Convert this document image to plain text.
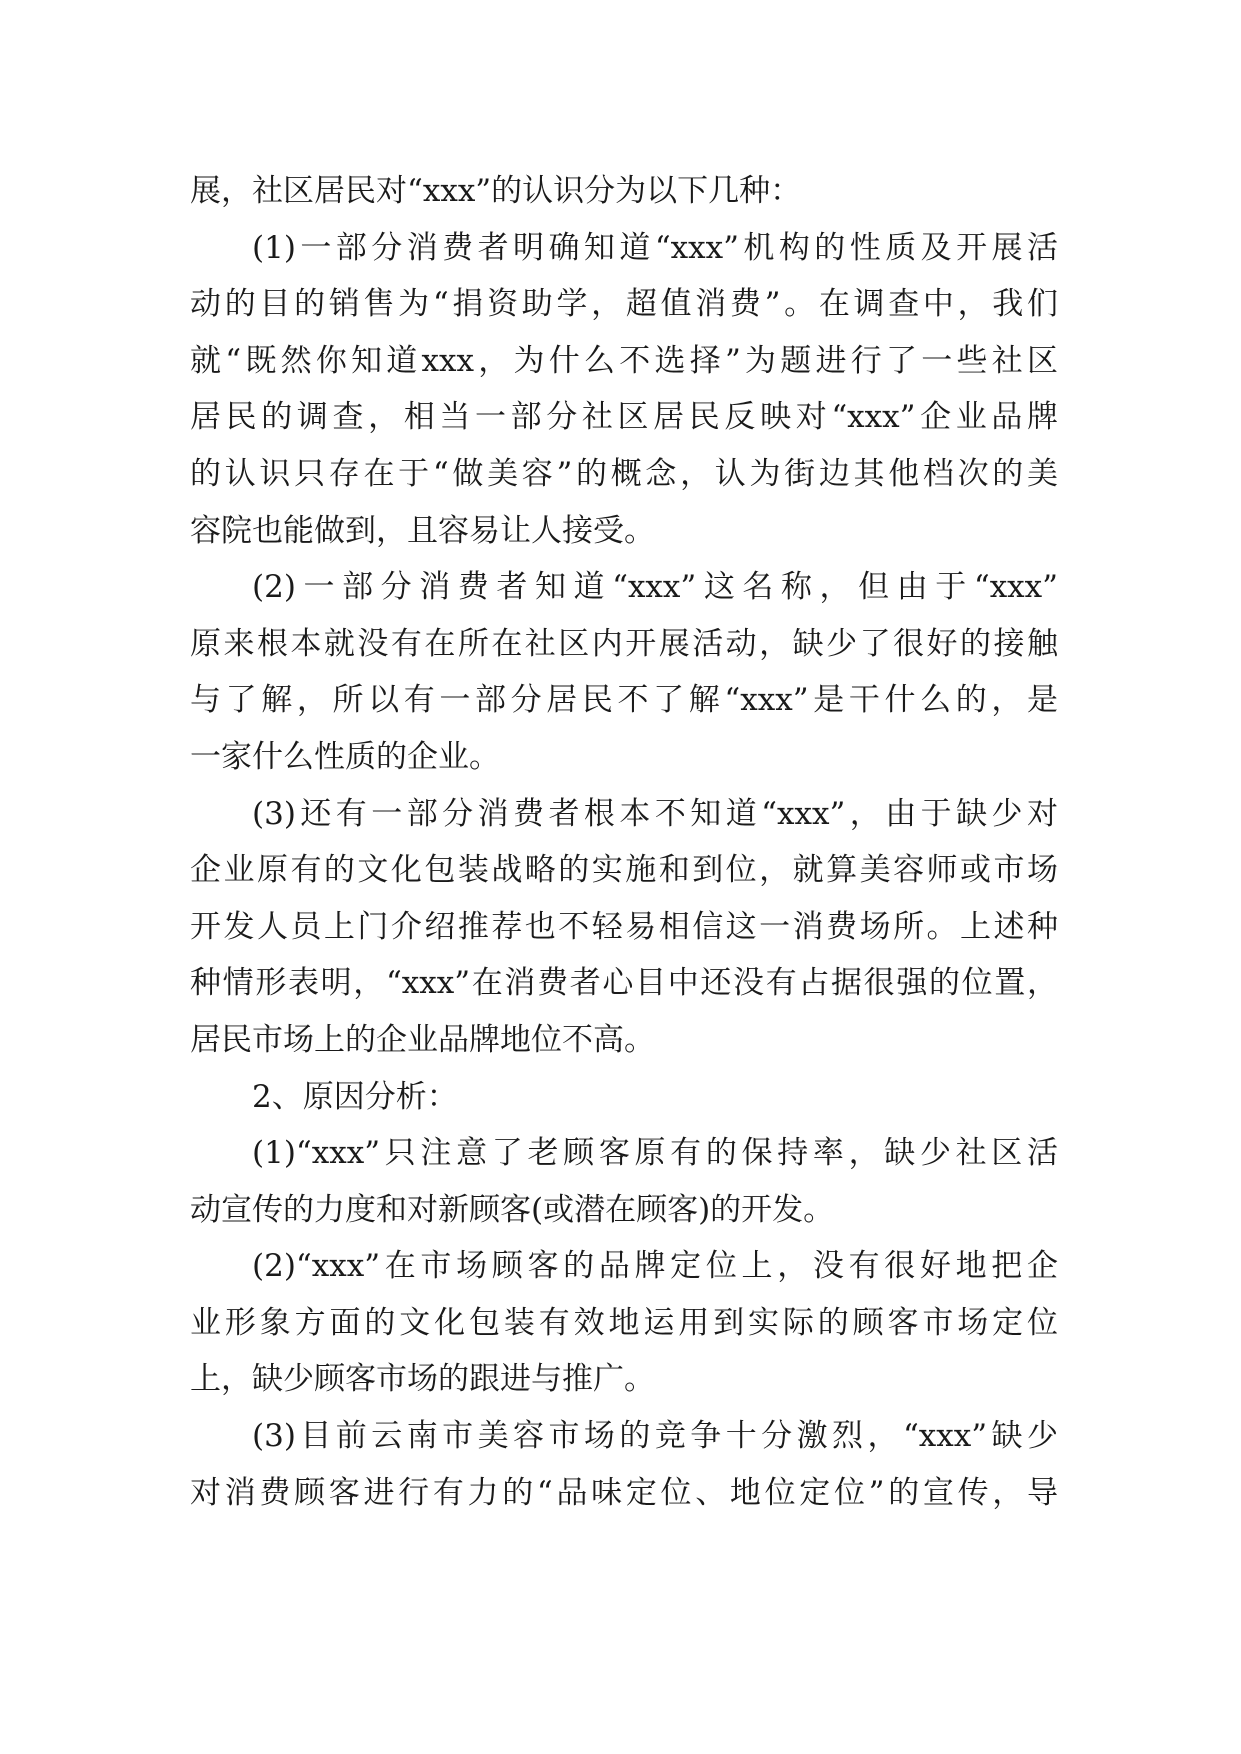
展，社区居民对“xxx”的认识分为以下几种：
(1)一部分消费者明确知道“xxx”机构的性质及开展活
动的目的销售为“捐资助学，超值消费”。在调查中，我们
就“既然你知道xxx，为什么不选择”为题进行了一些社区
居民的调查，相当一部分社区居民反映对“xxx”企业品牌
的认识只存在于“做美容”的概念，认为街边其他档次的美
容院也能做到，且容易让人接受。
(2)一部分消费者知道“xxx”这名称，但由于“xxx”
原来根本就没有在所在社区内开展活动，缺少了很好的接触
与了解，所以有一部分居民不了解“xxx”是干什么的，是
一家什么性质的企业。
(3)还有一部分消费者根本不知道“xxx”，由于缺少对
企业原有的文化包装战略的实施和到位，就算美容师或市场
开发人员上门介绍推荐也不轻易相信这一消费场所。上述种
种情形表明，“xxx”在消费者心目中还没有占据很强的位置，
居民市场上的企业品牌地位不高。
2、原因分析：
(1)“xxx”只注意了老顾客原有的保持率，缺少社区活
动宣传的力度和对新顾客(或潜在顾客)的开发。
(2)“xxx”在市场顾客的品牌定位上，没有很好地把企
业形象方面的文化包装有效地运用到实际的顾客市场定位
上，缺少顾客市场的跟进与推广。
(3)目前云南市美容市场的竞争十分激烈，“xxx”缺少
对消费顾客进行有力的“品味定位、地位定位”的宣传，导
